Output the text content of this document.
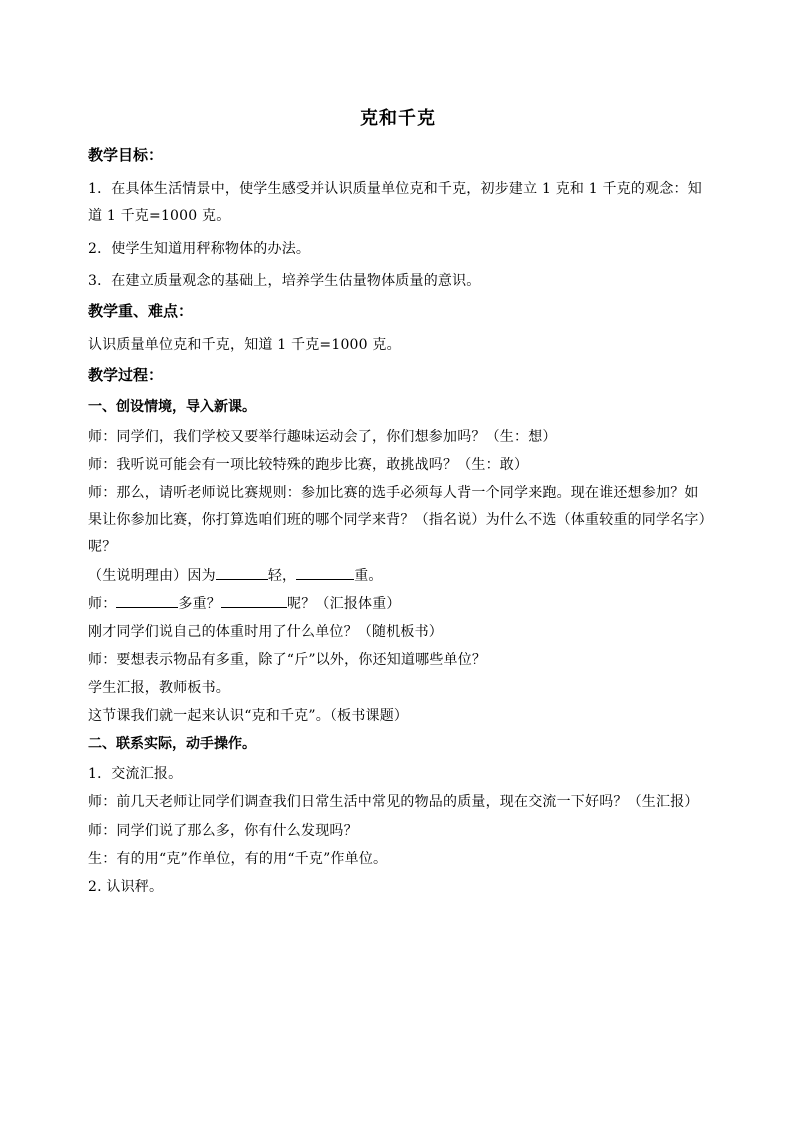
克和千克
教学目标：
1．在具体生活情景中，使学生感受并认识质量单位克和千克，初步建立 1 克和 1 千克的观念：知道 1 千克=1000 克。
2．使学生知道用秤称物体的办法。
3．在建立质量观念的基础上，培养学生估量物体质量的意识。
教学重、难点：
认识质量单位克和千克，知道 1 千克=1000 克。
教学过程：
一、创设情境，导入新课。
师：同学们，我们学校又要举行趣味运动会了，你们想参加吗？（生：想）
师：我听说可能会有一项比较特殊的跑步比赛，敢挑战吗？（生：敢）
师：那么，请听老师说比赛规则：参加比赛的选手必须每人背一个同学来跑。现在谁还想参加？如果让你参加比赛，你打算选咱们班的哪个同学来背？（指名说）为什么不选（体重较重的同学名字）呢？
（生说明理由）因为	轻，	重。
师：	多重？	呢？（汇报体重）
刚才同学们说自己的体重时用了什么单位？（随机板书）
师：要想表示物品有多重，除了“斤”以外，你还知道哪些单位？
学生汇报，教师板书。
这节课我们就一起来认识“克和千克”。（板书课题）
二、联系实际，动手操作。
1．交流汇报。
师：前几天老师让同学们调查我们日常生活中常见的物品的质量，现在交流一下好吗？（生汇报）
师：同学们说了那么多，你有什么发现吗？
生：有的用“克”作单位，有的用“千克”作单位。
2. 认识秤。
